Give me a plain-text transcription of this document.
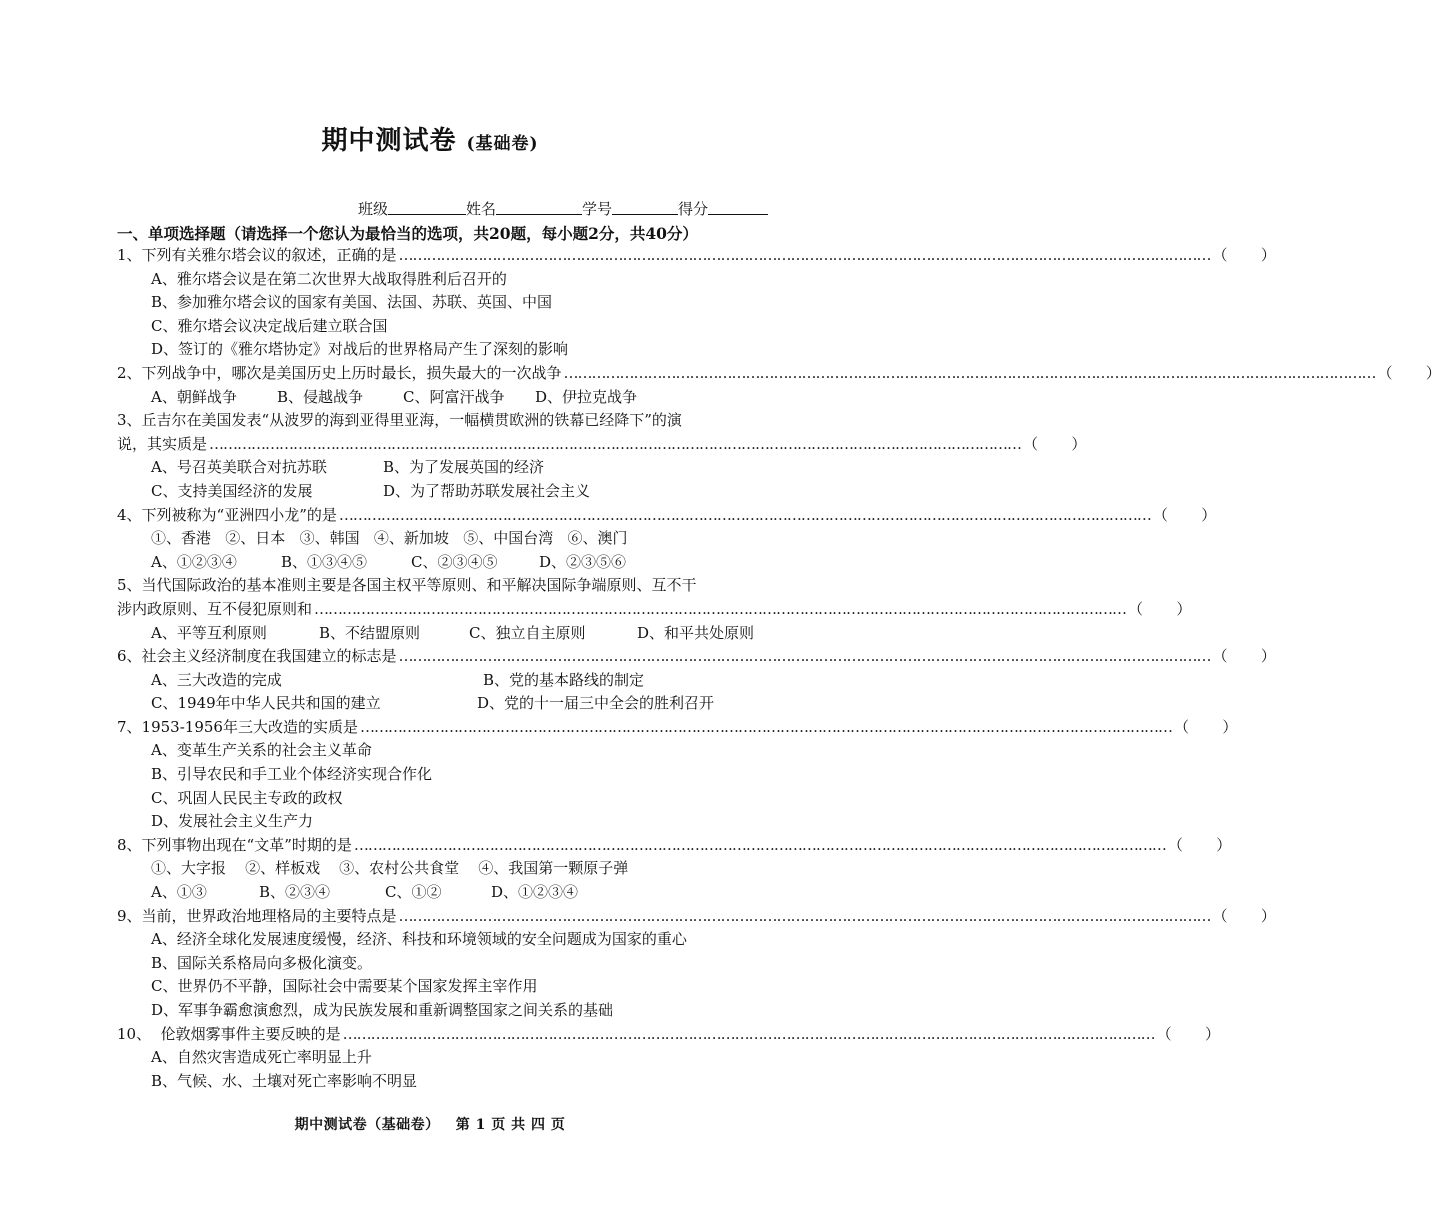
期中测试卷 (基础卷)
班级	姓名	学号	得分
一、单项选择题（请选择一个您认为最恰当的选项，共20题，每小题2分，共40分）
1、下列有关雅尔塔会议的叙述，正确的是 ………………………………………………………………………………………………………………………………………………………… （       ）
A、雅尔塔会议是在第二次世界大战取得胜利后召开的
B、参加雅尔塔会议的国家有美国、法国、苏联、英国、中国
C、雅尔塔会议决定战后建立联合国
D、签订的《雅尔塔协定》对战后的世界格局产生了深刻的影响
2、下列战争中，哪次是美国历史上历时最长，损失最大的一次战争 ………………………………………………………………………………………………………………………………………………………… （       ）
A、朝鲜战争	B、侵越战争	C、阿富汗战争	D、伊拉克战争
3、丘吉尔在美国发表“从波罗的海到亚得里亚海，一幅横贯欧洲的铁幕已经降下”的演
说，其实质是 ………………………………………………………………………………………………………………………………………………………… （       ）
A、号召英美联合对抗苏联	B、为了发展英国的经济
C、支持美国经济的发展	D、为了帮助苏联发展社会主义
4、下列被称为“亚洲四小龙”的是 ………………………………………………………………………………………………………………………………………………………… （       ）
①、香港   ②、日本   ③、韩国   ④、新加坡   ⑤、中国台湾   ⑥、澳门
A、①②③④	B、①③④⑤	C、②③④⑤	D、②③⑤⑥
5、当代国际政治的基本准则主要是各国主权平等原则、和平解决国际争端原则、互不干
涉内政原则、互不侵犯原则和 ………………………………………………………………………………………………………………………………………………………… （       ）
A、平等互利原则	B、不结盟原则	C、独立自主原则	D、和平共处原则
6、社会主义经济制度在我国建立的标志是 ………………………………………………………………………………………………………………………………………………………… （       ）
A、三大改造的完成	B、党的基本路线的制定
C、1949年中华人民共和国的建立	D、党的十一届三中全会的胜利召开
7、1953-1956年三大改造的实质是 ………………………………………………………………………………………………………………………………………………………… （       ）
A、变革生产关系的社会主义革命
B、引导农民和手工业个体经济实现合作化
C、巩固人民民主专政的政权
D、发展社会主义生产力
8、下列事物出现在“文革”时期的是 ………………………………………………………………………………………………………………………………………………………… （       ）
①、大字报    ②、样板戏    ③、农村公共食堂    ④、我国第一颗原子弹
A、①③	B、②③④	C、①②	D、①②③④
9、当前，世界政治地理格局的主要特点是 ………………………………………………………………………………………………………………………………………………………… （       ）
A、经济全球化发展速度缓慢，经济、科技和环境领域的安全问题成为国家的重心
B、国际关系格局向多极化演变。
C、世界仍不平静，国际社会中需要某个国家发挥主宰作用
D、军事争霸愈演愈烈，成为民族发展和重新调整国家之间关系的基础
10、  伦敦烟雾事件主要反映的是 ………………………………………………………………………………………………………………………………………………………… （       ）
A、自然灾害造成死亡率明显上升
B、气候、水、土壤对死亡率影响不明显
期中测试卷（基础卷）   第 1 页 共 四 页
